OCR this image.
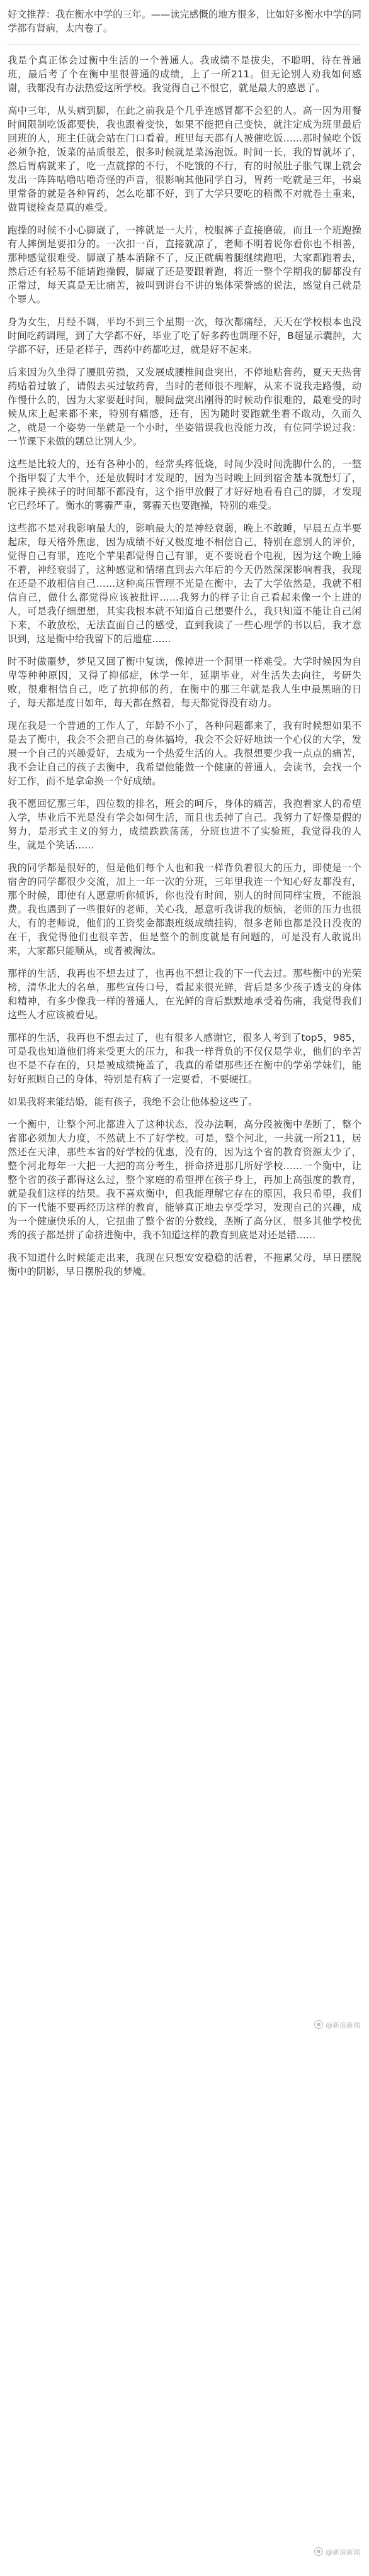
好文推荐：我在衡水中学的三年。——读完感慨的地方很多，比如好多衡水中学的同学都有肾病，太内卷了。

我是个真正体会过衡中生活的一个普通人。我成绩不是拔尖，不聪明，待在普通班，最后考了个在衡中里很普通的成绩，上了一所211。但无论别人劝我如何感谢，我都没有办法热爱这所学校。我觉得自己不恨它，就是最大的感恩了。

高中三年，从头病到脚，在此之前我是个几乎连感冒都不会犯的人。高一因为用餐时间限制吃饭都要快，我也跟着变快，如果不能把自己变快，就注定成为班里最后回班的人，班主任就会站在门口看着。班里每天都有人被催吃饭……那时候吃个饭必须争抢，饭菜的品质很差，很多时候就是菜汤泡饭。时间一长，我的胃就坏了，然后胃病就来了，吃一点就撑的不行，不吃饿的不行，有的时候肚子胀气课上就会发出一阵阵咕噜咕噜奇怪的声音，很影响其他同学自习，胃药一吃就是三年，书桌里常备的就是各种胃药，怎么吃都不好，到了大学只要吃的稍微不对就卷土重来，做胃镜检查是真的难受。

跑操的时候不小心脚崴了，一摔就是一大片，校服裤子直接磨破，而且一个班跑操有人摔倒是要扣分的。一次扣一百，直接就凉了，老师不明着说你看你也不相善，那种感觉很难受。脚崴了基本消除不了，反正就瘸着腿继续跑吧，大家都跑着去，然后还有轻易不能请跑操假，脚崴了还是要跟着跑，将近一整个学期我的脚都没有正常过，每天真是无比痛苦，被叫到讲台不讲的集体荣誉感的说法，感觉自己就是个罪人。

身为女生，月经不调，平均不到三个星期一次，每次都痛经，天天在学校根本也没时间吃药调理，到了大学都不好，毕业了吃了好多药也调理不好，B超显示囊肿，大学都不好，还是老样子，西药中药都吃过，就是好不起来。

后来因为久坐得了腰肌劳损，又发展成腰椎间盘突出，不停地贴膏药，夏天天热膏药贴着过敏了，请假去买过敏药膏，当时的老师很不理解，从来不说我走路慢，动作慢什么的，因为大家要赶时间，腰间盘突出刚得的时候动作很难的，最难受的时候从床上起来都不来，特别有痛感，还有，因为随时要跑就坐着不敢动，久而久之，就是一个姿势一坐就是一个小时，坐姿错误我也没能力改，有位同学说过我：一节课下来做的题总比别人少。

这些是比较大的，还有各种小的，经常头疼低烧，时间少没时间洗脚什么的，一整个指甲裂了大半个，还是放假时才发现的，因为当时晚上回到宿舍基本就想灯了，脱袜子换袜子的时间都不都没有，这个指甲放假了才好好地看看自己的脚，才发现它已经坏了。衡水的雾霾严重，雾霾天也要跑操，特别的难受。

这些都不是对我影响最大的，影响最大的是神经衰弱，晚上不敢睡，早晨五点半要起床，每天格外焦虑，因为成绩不好又极度地不相信自己，特别在意别人的评价，觉得自己有罪，连吃个苹果都觉得自己有罪，更不要说看个电视，因为这个晚上睡不着，神经衰弱了，这种感觉和情绪直到去六年后的今天仍然深深影响着我，我现在还是不敢相信自己……这种高压管理不光是在衡中，去了大学依然是，我就不相信自己，做什么都觉得应该被批评……我努力的样子让自己看起来像一个上进的人，可是我仔细想想，其实我根本就不知道自己想要什么，我只知道不能让自己闲下来，不敢放松，无法直面自己的感受，直到我读了一些心理学的书以后，我才意识到，这是衡中给我留下的后遗症……

时不时做噩梦，梦见又回了衡中复读，像掉进一个洞里一样难受。大学时候因为自卑等种种原因，又得了抑郁症，休学一年，延期毕业，对生活失去向往，考研失败，很难相信自己，吃了抗抑郁的药，在衡中的那三年就是我人生中最黑暗的日子，每天都是度日如年，每天都在熬着，每天都觉得没有动力。

现在我是一个普通的工作人了，年龄不小了，各种问题都来了，我有时候想如果不是去了衡中，我会不会把自己的身体搞垮，我会不会好好地读一个心仪的大学，发展一个自己的兴趣爱好，去成为一个热爱生活的人。我很想要少我一点点的痛苦，我不会让自己的孩子去衡中，我希望他能做一个健康的普通人，会读书，会找一个好工作，而不是拿命换一个好成绩。

我不愿回忆那三年，四位数的排名，班会的呵斥，身体的痛苦，我抱着家人的希望入学，毕业后不光是没有学会如何生活，而且也丢掉了自己。我努力了好像是假的努力，是形式主义的努力，成绩跌跌荡荡，分班也进不了实验班，我觉得我的人生，就是个笑话……

我的同学都是很好的，但是他们每个人也和我一样背负着很大的压力，即使是一个宿舍的同学都很少交流，加上一年一次的分班，三年里我连一个知心好友都没有，那个时候，即使有人愿意听你倾诉，你也没有时间，别人的时间同样宝贵，不能浪费。我也遇到了一些很好的老师，关心我，愿意听我讲我的烦恼，老师的压力也很大，有的老师说，他们的工资奖金都跟班级成绩挂钩，很多老师也都是没日没夜的在干，我觉得他们也很辛苦，但是整个的制度就是有问题的，可是没有人敢说出来，大家都只能顺从，或者被淘汰。

那样的生活，我再也不想去过了，也再也不想让我的下一代去过。那些衡中的光荣榜，清华北大的名单，那些宣传口号，看起来很光鲜，背后是多少孩子透支的身体和精神，有多少像我一样的普通人，在光鲜的背后默默地承受着伤痛，我觉得我们这些人才应该被看见。

那样的生活，我再也不想去过了，也有很多人感谢它，很多人考到了top5，985，可是我也知道他们将来受更大的压力，和我一样背负的不仅仅是学业，他们的辛苦也不是不存在的，只是被成绩掩盖了，我真的希望那些还在衡中的学弟学妹们，能好好照顾自己的身体，特别是有病了一定要看，不要硬扛。

如果我将来能结婚，能有孩子，我绝不会让他体验这些了。

一个衡中，让整个河北都进入了这种状态，没办法啊，高分段被衡中垄断了，整个省都必须加大力度，不然就上不了好学校。可是，整个河北，一共就一所211，居然还在天津，那些本省的好学校的优惠，没有的，因为这个省的教育资源太少了，整个河北每年一大把一大把的高分考生，拼命挤进那几所好学校……一个衡中，让整个省的孩子都得这么过，整个家庭的希望押在孩子身上，再加上高强度的教育，就是我们这样的结果。我不喜欢衡中，但我能理解它存在的原因，我只希望，我们的下一代能不要再经历这样的教育，能够真正地去享受学习，发现自己的兴趣，成为一个健康快乐的人，它扭曲了整个省的分数线，垄断了高分区，很多其他学校优秀的孩子都是拼了命挤进衡中，我不知道这样的教育到底是对还是错……

我不知道什么时候能走出来，我现在只想安安稳稳的活着，不拖累父母，早日摆脱衡中的阴影，早日摆脱我的梦魇。

@新浪新闻
@新浪新闻
